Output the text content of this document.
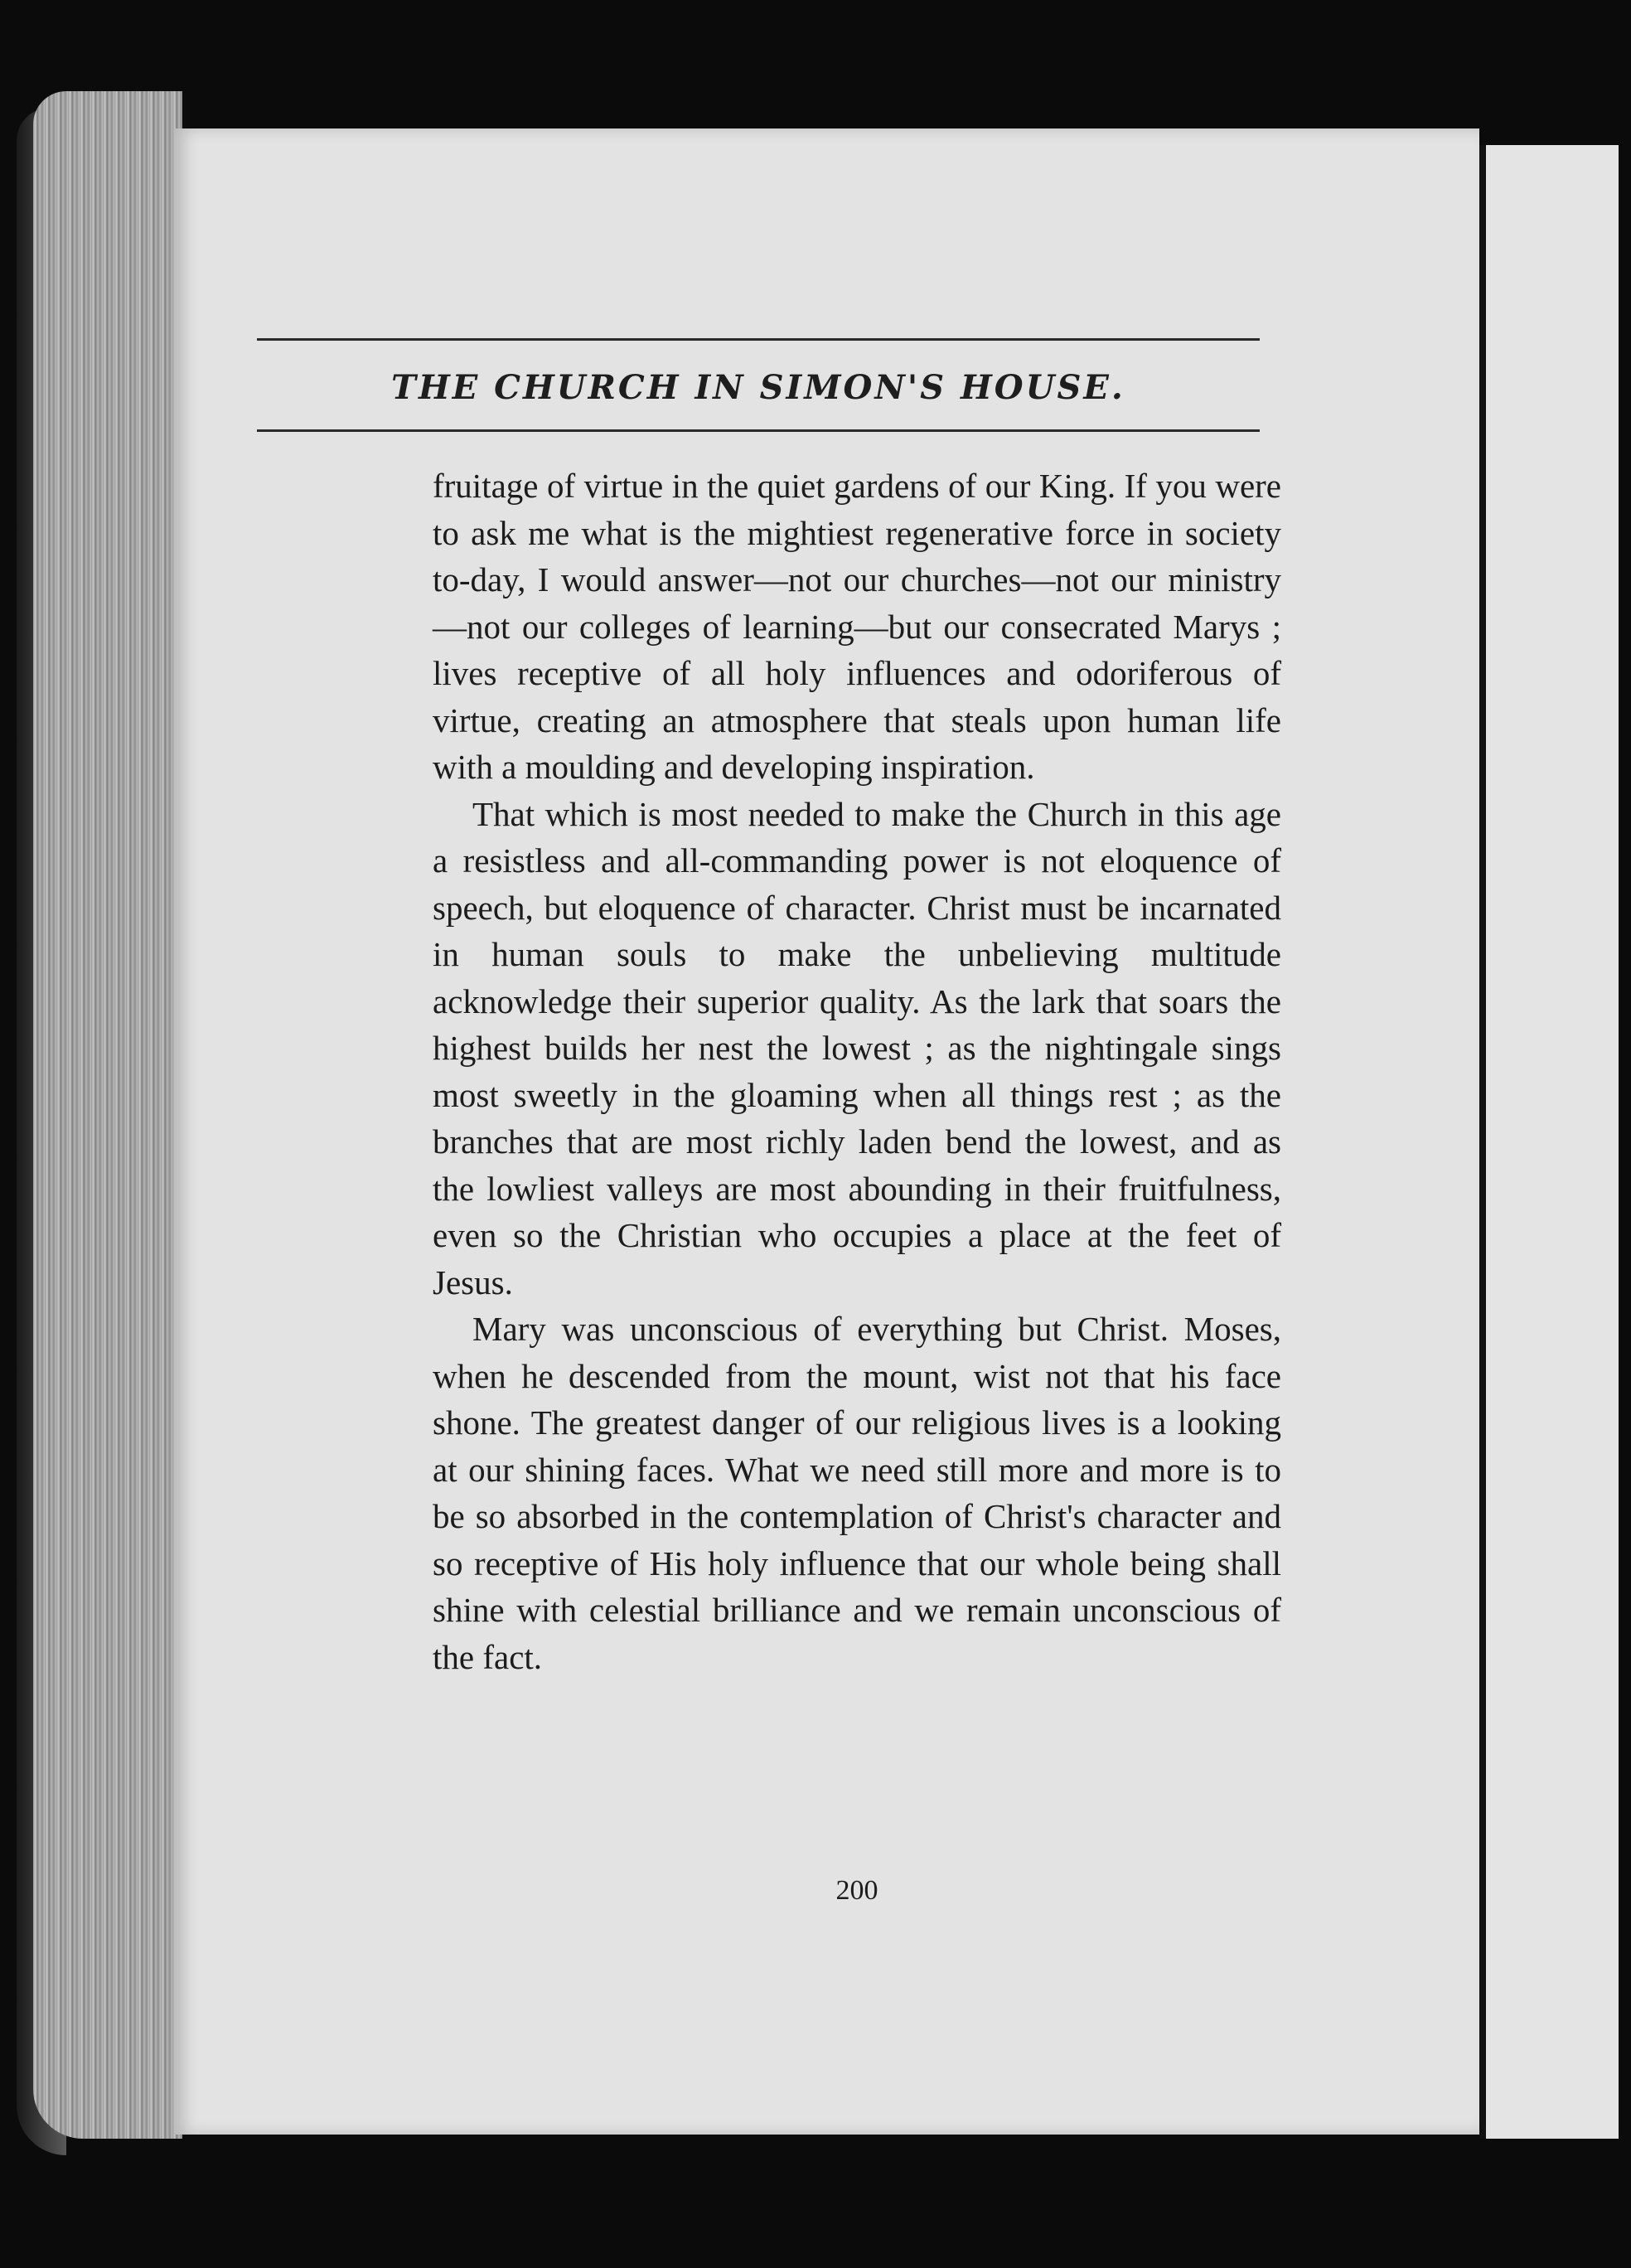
THE CHURCH IN SIMON'S HOUSE.

fruitage of virtue in the quiet gardens of our King. If you were to ask me what is the mightiest regenerative force in society to-day, I would answer—not our churches—not our ministry—not our colleges of learning—but our consecrated Marys ; lives receptive of all holy influences and odoriferous of virtue, creating an atmosphere that steals upon human life with a moulding and developing inspiration.

That which is most needed to make the Church in this age a resistless and all-commanding power is not eloquence of speech, but eloquence of character. Christ must be incarnated in human souls to make the unbelieving multitude acknowledge their superior quality. As the lark that soars the highest builds her nest the lowest ; as the nightingale sings most sweetly in the gloaming when all things rest ; as the branches that are most richly laden bend the lowest, and as the lowliest valleys are most abounding in their fruitfulness, even so the Christian who occupies a place at the feet of Jesus.

Mary was unconscious of everything but Christ. Moses, when he descended from the mount, wist not that his face shone. The greatest danger of our religious lives is a looking at our shining faces. What we need still more and more is to be so absorbed in the contemplation of Christ's character and so receptive of His holy influence that our whole being shall shine with celestial brilliance and we remain unconscious of the fact.

200
